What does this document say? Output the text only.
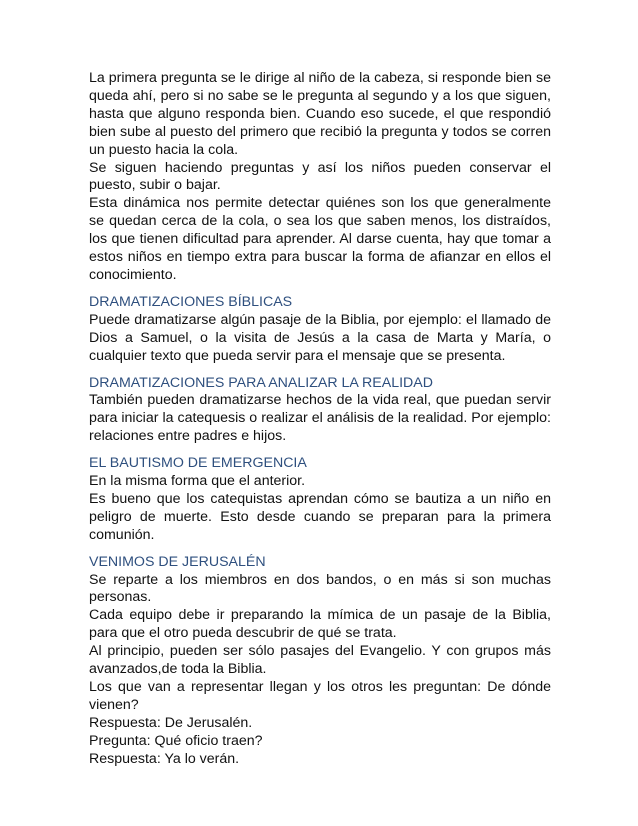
La primera pregunta se le dirige al niño de la cabeza, si responde bien se queda ahí, pero si no sabe se le pregunta al segundo y a los que siguen, hasta que alguno responda bien. Cuando eso sucede, el que respondió bien sube al puesto del primero que recibió la pregunta y todos se corren un puesto hacia la cola.

Se siguen haciendo preguntas y así los niños pueden conservar el puesto, subir o bajar.

Esta dinámica nos permite detectar quiénes son los que generalmente se quedan cerca de la cola, o sea los que saben menos, los distraídos, los que tienen dificultad para aprender. Al darse cuenta, hay que tomar a estos niños en tiempo extra para buscar la forma de afianzar en ellos el conocimiento.

DRAMATIZACIONES BÍBLICAS

Puede dramatizarse algún pasaje de la Biblia, por ejemplo: el llamado de Dios a Samuel, o la visita de Jesús a la casa de Marta y María, o cualquier texto que pueda servir para el mensaje que se presenta.

DRAMATIZACIONES PARA ANALIZAR LA REALIDAD

También pueden dramatizarse hechos de la vida real, que puedan servir para iniciar la catequesis o realizar el análisis de la realidad. Por ejemplo: relaciones entre padres e hijos.

EL BAUTISMO DE EMERGENCIA

En la misma forma que el anterior.

Es bueno que los catequistas aprendan cómo se bautiza a un niño en peligro de muerte. Esto desde cuando se preparan para la primera comunión.

VENIMOS DE JERUSALÉN

Se reparte a los miembros en dos bandos, o en más si son muchas personas.

Cada equipo debe ir preparando la mímica de un pasaje de la Biblia, para que el otro pueda descubrir de qué se trata.

Al principio, pueden ser sólo pasajes del Evangelio. Y con grupos más avanzados,de toda la Biblia.

Los que van a representar llegan y los otros les preguntan: De dónde vienen?

Respuesta: De Jerusalén.

Pregunta: Qué oficio traen?

Respuesta: Ya lo verán.
